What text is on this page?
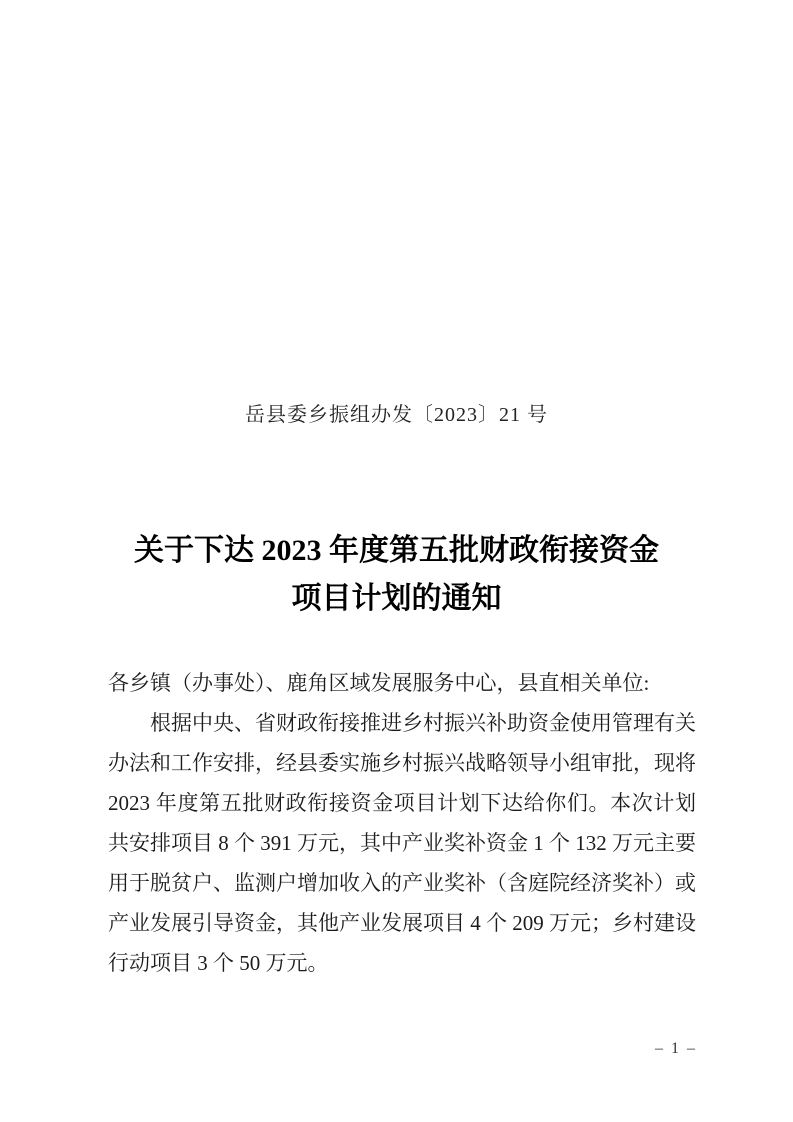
岳县委乡振组办发〔2023〕21 号
关于下达 2023 年度第五批财政衔接资金
项目计划的通知
各乡镇（办事处）、鹿角区域发展服务中心，县直相关单位:
根据中央、省财政衔接推进乡村振兴补助资金使用管理有关
办法和工作安排，经县委实施乡村振兴战略领导小组审批，现将
2023 年度第五批财政衔接资金项目计划下达给你们。本次计划
共安排项目 8 个 391 万元，其中产业奖补资金 1 个 132 万元主要
用于脱贫户、监测户增加收入的产业奖补（含庭院经济奖补）或
产业发展引导资金，其他产业发展项目 4 个 209 万元；乡村建设
行动项目 3 个 50 万元。
– 1 –
